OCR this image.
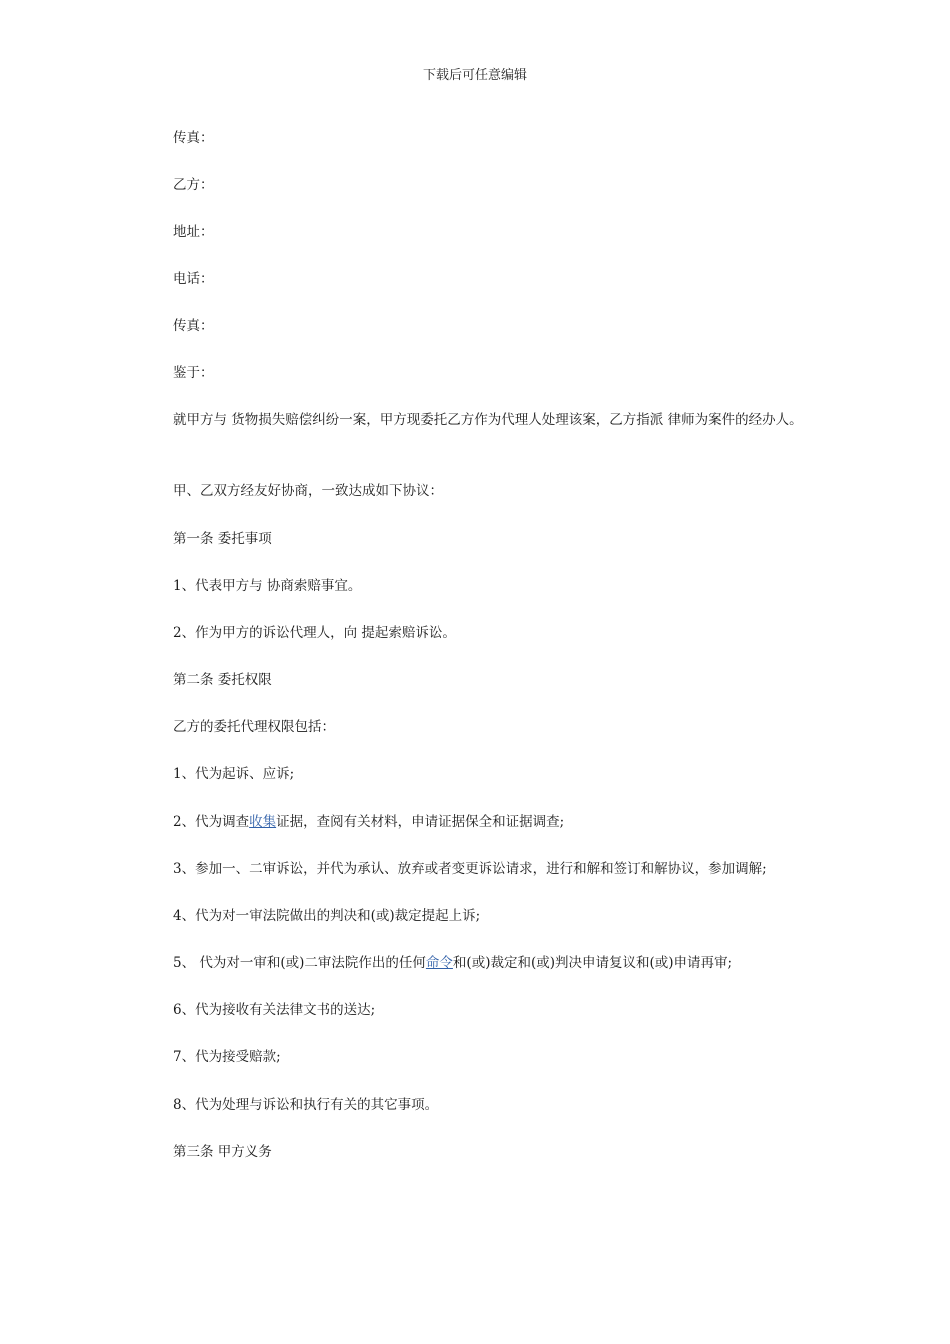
下载后可任意编辑

传真：

乙方：

地址：

电话：

传真：

鉴于：

就甲方与 货物损失赔偿纠纷一案，甲方现委托乙方作为代理人处理该案，乙方指派 律师为案件的经办人。

甲、乙双方经友好协商，一致达成如下协议：

第一条 委托事项

1、代表甲方与 协商索赔事宜。

2、作为甲方的诉讼代理人，向 提起索赔诉讼。

第二条 委托权限

乙方的委托代理权限包括：

1、代为起诉、应诉;

2、代为调查收集证据，查阅有关材料，申请证据保全和证据调查;

3、参加一、二审诉讼，并代为承认、放弃或者变更诉讼请求，进行和解和签订和解协议，参加调解;

4、代为对一审法院做出的判决和(或)裁定提起上诉;

5、 代为对一审和(或)二审法院作出的任何命令和(或)裁定和(或)判决申请复议和(或)申请再审;

6、代为接收有关法律文书的送达;

7、代为接受赔款;

8、代为处理与诉讼和执行有关的其它事项。

第三条 甲方义务
